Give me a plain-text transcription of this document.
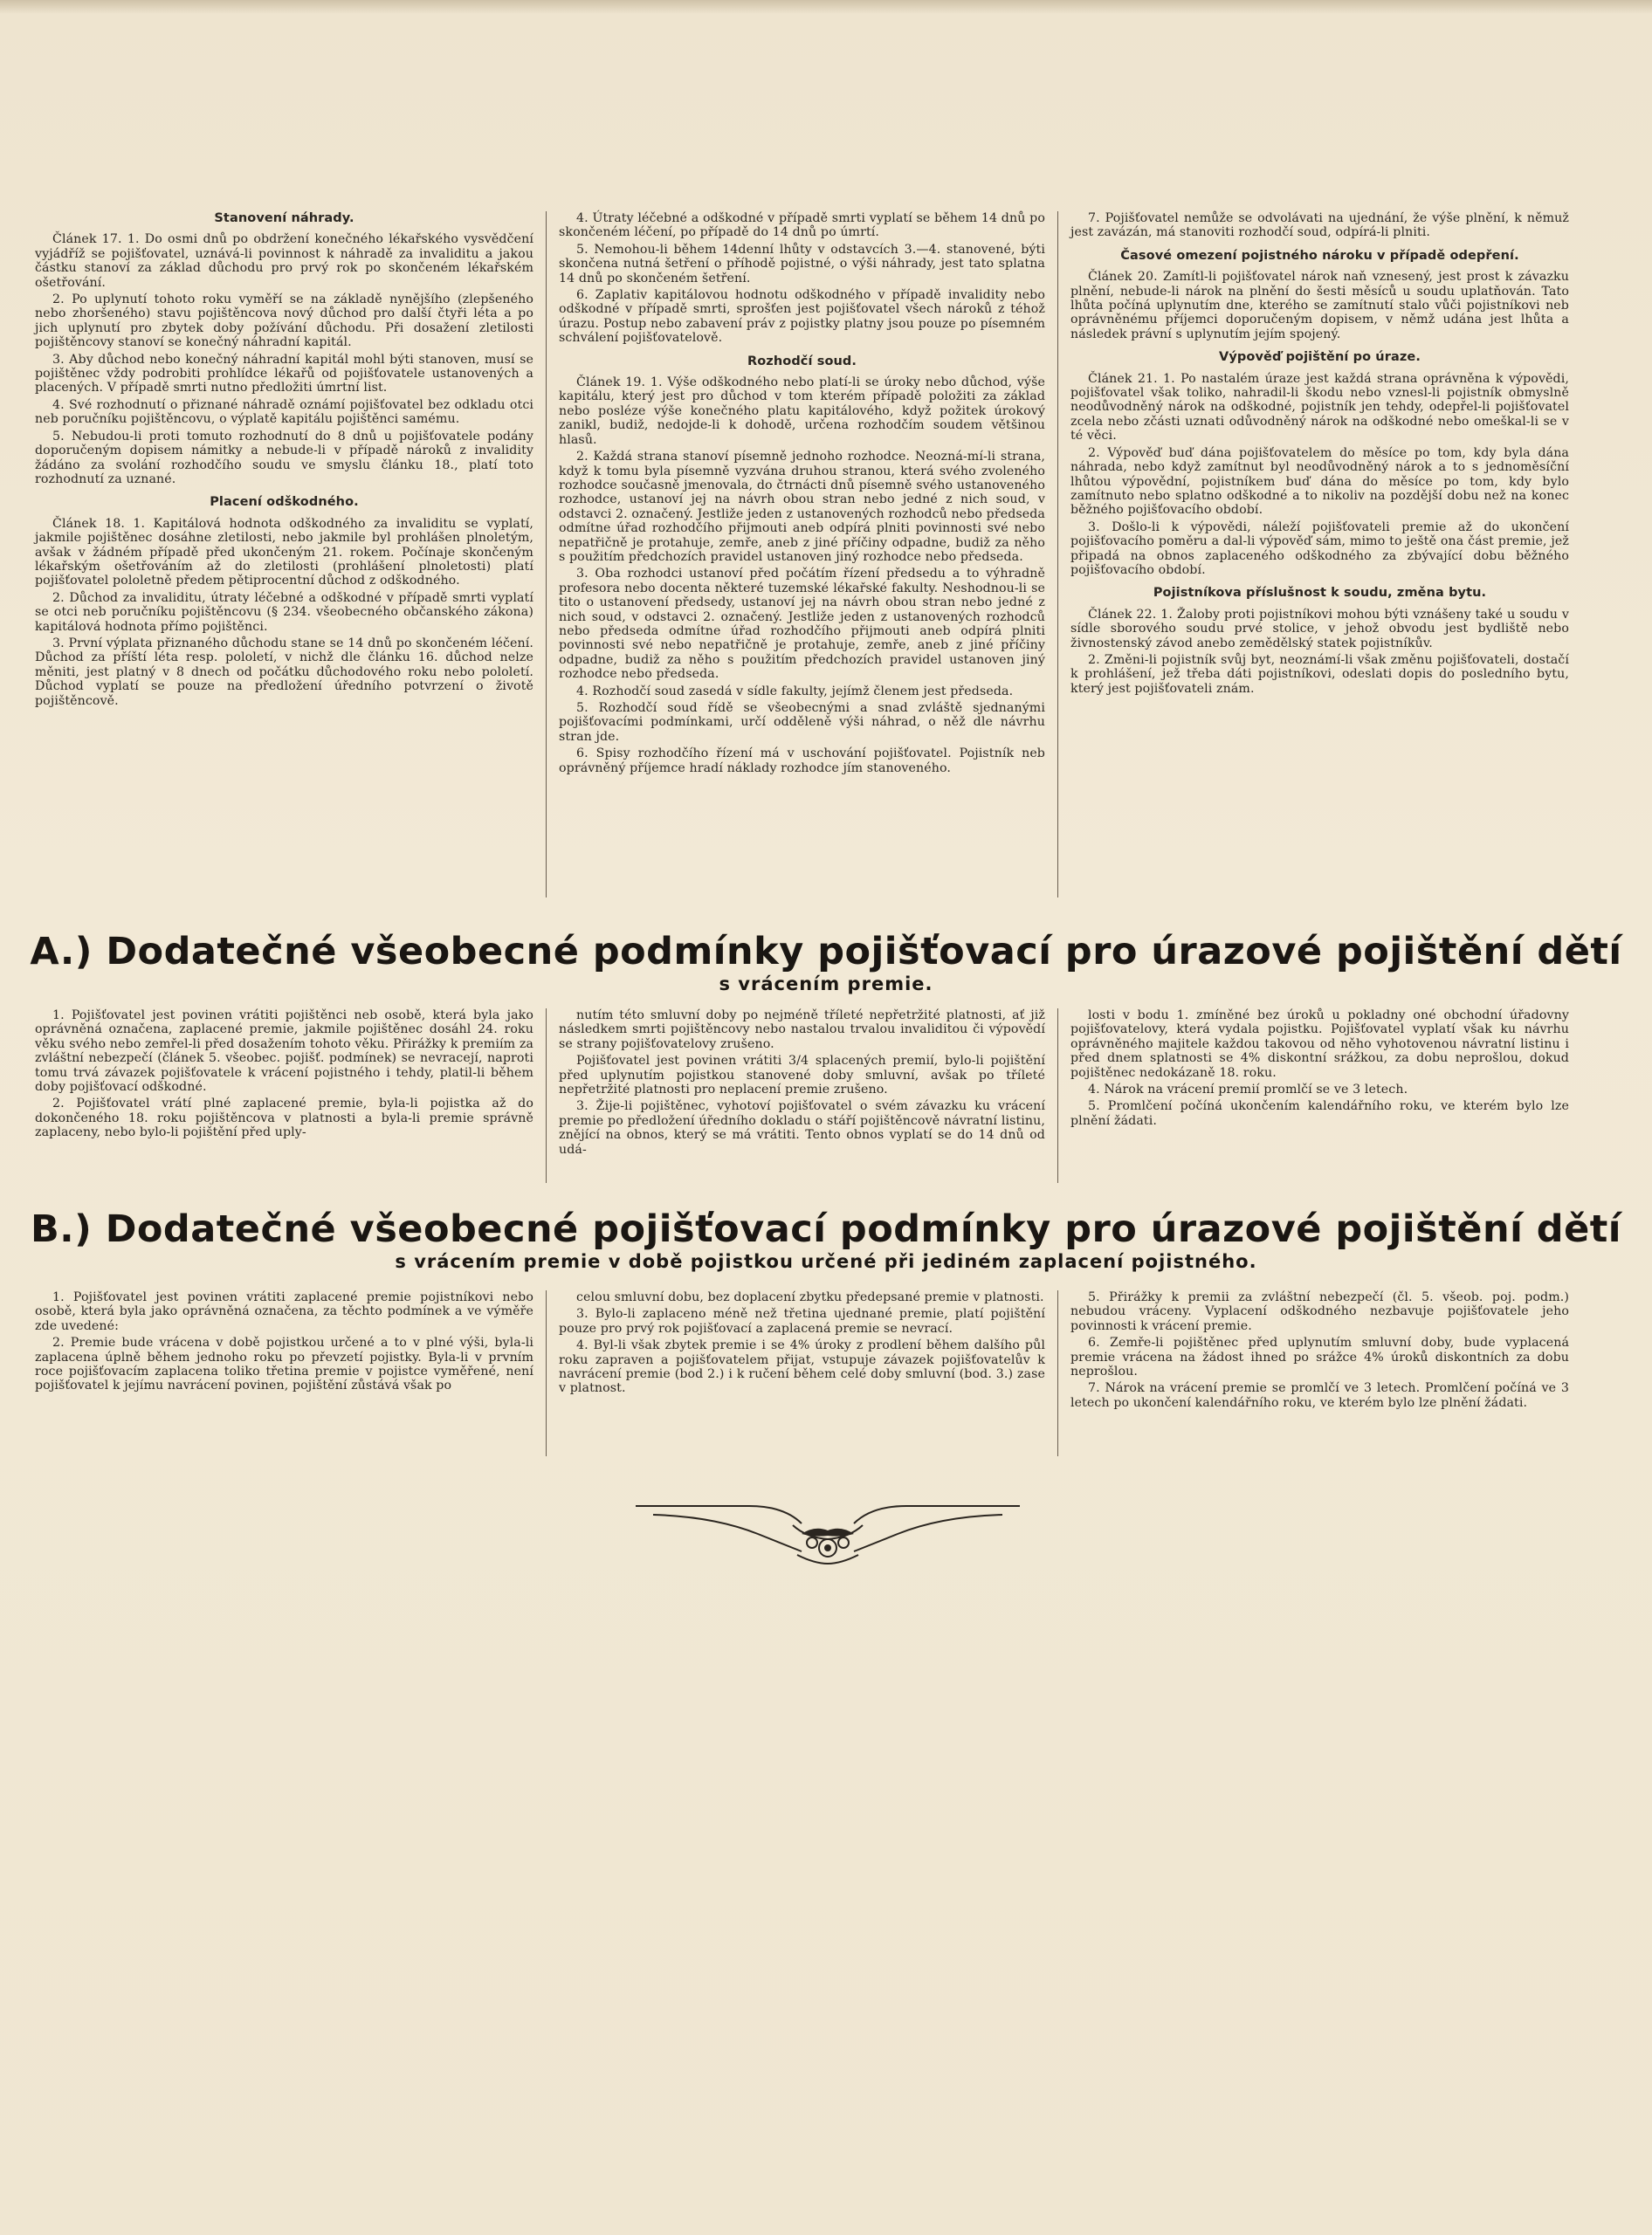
Stanovení náhrady.

Článek 17. 1. Do osmi dnů po obdržení konečného lékařského vysvědčení vyjádříž se pojišťovatel, uznává-li povinnost k náhradě za invaliditu a jakou částku stanoví za základ důchodu pro prvý rok po skončeném lékařském ošetřování.

2. Po uplynutí tohoto roku vyměří se na základě nynějšího (zlepšeného nebo zhoršeného) stavu pojištěncova nový důchod pro další čtyři léta a po jich uplynutí pro zbytek doby požívání důchodu. Při dosažení zletilosti pojištěncovy stanoví se konečný náhradní kapitál.

3. Aby důchod nebo konečný náhradní kapitál mohl býti stanoven, musí se pojištěnec vždy podrobiti prohlídce lékařů od pojišťovatele ustanovených a placených. V případě smrti nutno předložiti úmrtní list.

4. Své rozhodnutí o přiznané náhradě oznámí pojišťovatel bez odkladu otci neb poručníku pojištěncovu, o výplatě kapitálu pojištěnci samému.

5. Nebudou-li proti tomuto rozhodnutí do 8 dnů u pojišťovatele podány doporučeným dopisem námitky a nebude-li v případě nároků z invalidity žádáno za svolání rozhodčího soudu ve smyslu článku 18., platí toto rozhodnutí za uznané.

Placení odškodného.

Článek 18. 1. Kapitálová hodnota odškodného za invaliditu se vyplatí, jakmile pojištěnec dosáhne zletilosti, nebo jakmile byl prohlášen plnoletým, avšak v žádném případě před ukončeným 21. rokem. Počínaje skončeným lékařským ošetřováním až do zletilosti (prohlášení plnoletosti) platí pojišťovatel pololetně předem pětiprocentní důchod z odškodného.

2. Důchod za invaliditu, útraty léčebné a odškodné v případě smrti vyplatí se otci neb poručníku pojištěncovu (§ 234. všeobecného občanského zákona) kapitálová hodnota přímo pojištěnci.

3. První výplata přiznaného důchodu stane se 14 dnů po skončeném léčení. Důchod za příští léta resp. pololetí, v nichž dle článku 16. důchod nelze měniti, jest platný v 8 dnech od počátku důchodového roku nebo pololetí. Důchod vyplatí se pouze na předložení úředního potvrzení o životě pojištěncově.

4. Útraty léčebné a odškodné v případě smrti vyplatí se během 14 dnů po skončeném léčení, po případě do 14 dnů po úmrtí.

5. Nemohou-li během 14denní lhůty v odstavcích 3.—4. stanovené, býti skončena nutná šetření o příhodě pojistné, o výši náhrady, jest tato splatna 14 dnů po skončeném šetření.

6. Zaplativ kapitálovou hodnotu odškodného v případě invalidity nebo odškodné v případě smrti, sprošťen jest pojišťovatel všech nároků z téhož úrazu. Postup nebo zabavení práv z pojistky platny jsou pouze po písemném schválení pojišťovatelově.

Rozhodčí soud.

Článek 19. 1. Výše odškodného nebo platí-li se úroky nebo důchod, výše kapitálu, který jest pro důchod v tom kterém případě položiti za základ nebo posléze výše konečného platu kapitálového, když požitek úrokový zanikl, budiž, nedojde-li k dohodě, určena rozhodčím soudem většinou hlasů.

2. Každá strana stanoví písemně jednoho rozhodce. Neozná-mí-li strana, když k tomu byla písemně vyzvána druhou stranou, která svého zvoleného rozhodce současně jmenovala, do čtrnácti dnů písemně svého ustanoveného rozhodce, ustanoví jej na návrh obou stran nebo jedné z nich soud, v odstavci 2. označený. Jestliže jeden z ustanovených rozhodců nebo předseda odmítne úřad rozhodčího přijmouti aneb odpírá plniti povinnosti své nebo nepatřičně je protahuje, zemře, aneb z jiné příčiny odpadne, budiž za něho s použitím předchozích pravidel ustanoven jiný rozhodce nebo předseda.

3. Oba rozhodci ustanoví před počátím řízení předsedu a to výhradně profesora nebo docenta některé tuzemské lékařské fakulty. Neshodnou-li se tito o ustanovení předsedy, ustanoví jej na návrh obou stran nebo jedné z nich soud, v odstavci 2. označený. Jestliže jeden z ustanovených rozhodců nebo předseda odmítne úřad rozhodčího přijmouti aneb odpírá plniti povinnosti své nebo nepatřičně je protahuje, zemře, aneb z jiné příčiny odpadne, budiž za něho s použitím předchozích pravidel ustanoven jiný rozhodce nebo předseda.

4. Rozhodčí soud zasedá v sídle fakulty, jejímž členem jest předseda.

5. Rozhodčí soud řídě se všeobecnými a snad zvláště sjednanými pojišťovacími podmínkami, určí odděleně výši náhrad, o něž dle návrhu stran jde.

6. Spisy rozhodčího řízení má v uschování pojišťovatel. Pojistník neb oprávněný příjemce hradí náklady rozhodce jím stanoveného.

7. Pojišťovatel nemůže se odvolávati na ujednání, že výše plnění, k němuž jest zavázán, má stanoviti rozhodčí soud, odpírá-li plniti.

Časové omezení pojistného nároku v případě odepření.

Článek 20. Zamítl-li pojišťovatel nárok naň vznesený, jest prost k závazku plnění, nebude-li nárok na plnění do šesti měsíců u soudu uplatňován. Tato lhůta počíná uplynutím dne, kterého se zamítnutí stalo vůči pojistníkovi neb oprávněnému příjemci doporučeným dopisem, v němž udána jest lhůta a následek právní s uplynutím jejím spojený.

Výpověď pojištění po úraze.

Článek 21. 1. Po nastalém úraze jest každá strana oprávněna k výpovědi, pojišťovatel však toliko, nahradil-li škodu nebo vznesl-li pojistník obmyslně neodůvodněný nárok na odškodné, pojistník jen tehdy, odepřel-li pojišťovatel zcela nebo zčásti uznati odůvodněný nárok na odškodné nebo omeškal-li se v té věci.

2. Výpověď buď dána pojišťovatelem do měsíce po tom, kdy byla dána náhrada, nebo když zamítnut byl neodůvodněný nárok a to s jednoměsíční lhůtou výpovědní, pojistníkem buď dána do měsíce po tom, kdy bylo zamítnuto nebo splatno odškodné a to nikoliv na pozdější dobu než na konec běžného pojišťovacího období.

3. Došlo-li k výpovědi, náleží pojišťovateli premie až do ukončení pojišťovacího poměru a dal-li výpověď sám, mimo to ještě ona část premie, jež připadá na obnos zaplaceného odškodného za zbývající dobu běžného pojišťovacího období.

Pojistníkova příslušnost k soudu, změna bytu.

Článek 22. 1. Žaloby proti pojistníkovi mohou býti vznášeny také u soudu v sídle sborového soudu prvé stolice, v jehož obvodu jest bydliště nebo živnostenský závod anebo zemědělský statek pojistníkův.

2. Změni-li pojistník svůj byt, neoznámí-li však změnu pojišťovateli, dostačí k prohlášení, jež třeba dáti pojistníkovi, odeslati dopis do posledního bytu, který jest pojišťovateli znám.

A.) Dodatečné všeobecné podmínky pojišťovací pro úrazové pojištění dětí
s vrácením premie.

1. Pojišťovatel jest povinen vrátiti pojištěnci neb osobě, která byla jako oprávněná označena, zaplacené premie, jakmile pojištěnec dosáhl 24. roku věku svého nebo zemřel-li před dosažením tohoto věku. Přirážky k premiím za zvláštní nebezpečí (článek 5. všeobec. pojišť. podmínek) se nevracejí, naproti tomu trvá závazek pojišťovatele k vrácení pojistného i tehdy, platil-li během doby pojišťovací odškodné.

2. Pojišťovatel vrátí plné zaplacené premie, byla-li pojistka až do dokončeného 18. roku pojištěncova v platnosti a byla-li premie správně zaplaceny, nebo bylo-li pojištění před uply-

nutím této smluvní doby po nejméně tříleté nepřetržité platnosti, ať již následkem smrti pojištěncovy nebo nastalou trvalou invaliditou či výpovědí se strany pojišťovatelovy zrušeno.

Pojišťovatel jest povinen vrátiti 3/4 splacených premií, bylo-li pojištění před uplynutím pojistkou stanovené doby smluvní, avšak po tříleté nepřetržité platnosti pro neplacení premie zrušeno.

3. Žije-li pojištěnec, vyhotoví pojišťovatel o svém závazku ku vrácení premie po předložení úředního dokladu o stáří pojištěncově návratní listinu, znějící na obnos, který se má vrátiti. Tento obnos vyplatí se do 14 dnů od udá-

losti v bodu 1. zmíněné bez úroků u pokladny oné obchodní úřadovny pojišťovatelovy, která vydala pojistku. Pojišťovatel vyplatí však ku návrhu oprávněného majitele každou takovou od něho vyhotovenou návratní listinu i před dnem splatnosti se 4% diskontní srážkou, za dobu neprošlou, dokud pojištěnec nedokázaně 18. roku.

4. Nárok na vrácení premií promlčí se ve 3 letech.

5. Promlčení počíná ukončením kalendářního roku, ve kterém bylo lze plnění žádati.

B.) Dodatečné všeobecné pojišťovací podmínky pro úrazové pojištění dětí
s vrácením premie v době pojistkou určené při jediném zaplacení pojistného.

1. Pojišťovatel jest povinen vrátiti zaplacené premie pojistníkovi nebo osobě, která byla jako oprávněná označena, za těchto podmínek a ve výměře zde uvedené:

2. Premie bude vrácena v době pojistkou určené a to v plné výši, byla-li zaplacena úplně během jednoho roku po převzetí pojistky. Byla-li v prvním roce pojišťovacím zaplacena toliko třetina premie v pojistce vyměřené, není pojišťovatel k jejímu navrácení povinen, pojištění zůstává však po

celou smluvní dobu, bez doplacení zbytku předepsané premie v platnosti.

3. Bylo-li zaplaceno méně než třetina ujednané premie, platí pojištění pouze pro prvý rok pojišťovací a zaplacená premie se nevrací.

4. Byl-li však zbytek premie i se 4% úroky z prodlení během dalšího půl roku zapraven a pojišťovatelem přijat, vstupuje závazek pojišťovatelův k navrácení premie (bod 2.) i k ručení během celé doby smluvní (bod. 3.) zase v platnost.

5. Přirážky k premii za zvláštní nebezpečí (čl. 5. všeob. poj. podm.) nebudou vráceny. Vyplacení odškodného nezbavuje pojišťovatele jeho povinnosti k vrácení premie.

6. Zemře-li pojištěnec před uplynutím smluvní doby, bude vyplacená premie vrácena na žádost ihned po srážce 4% úroků diskontních za dobu neprošlou.

7. Nárok na vrácení premie se promlčí ve 3 letech. Promlčení počíná ve 3 letech po ukončení kalendářního roku, ve kterém bylo lze plnění žádati.
